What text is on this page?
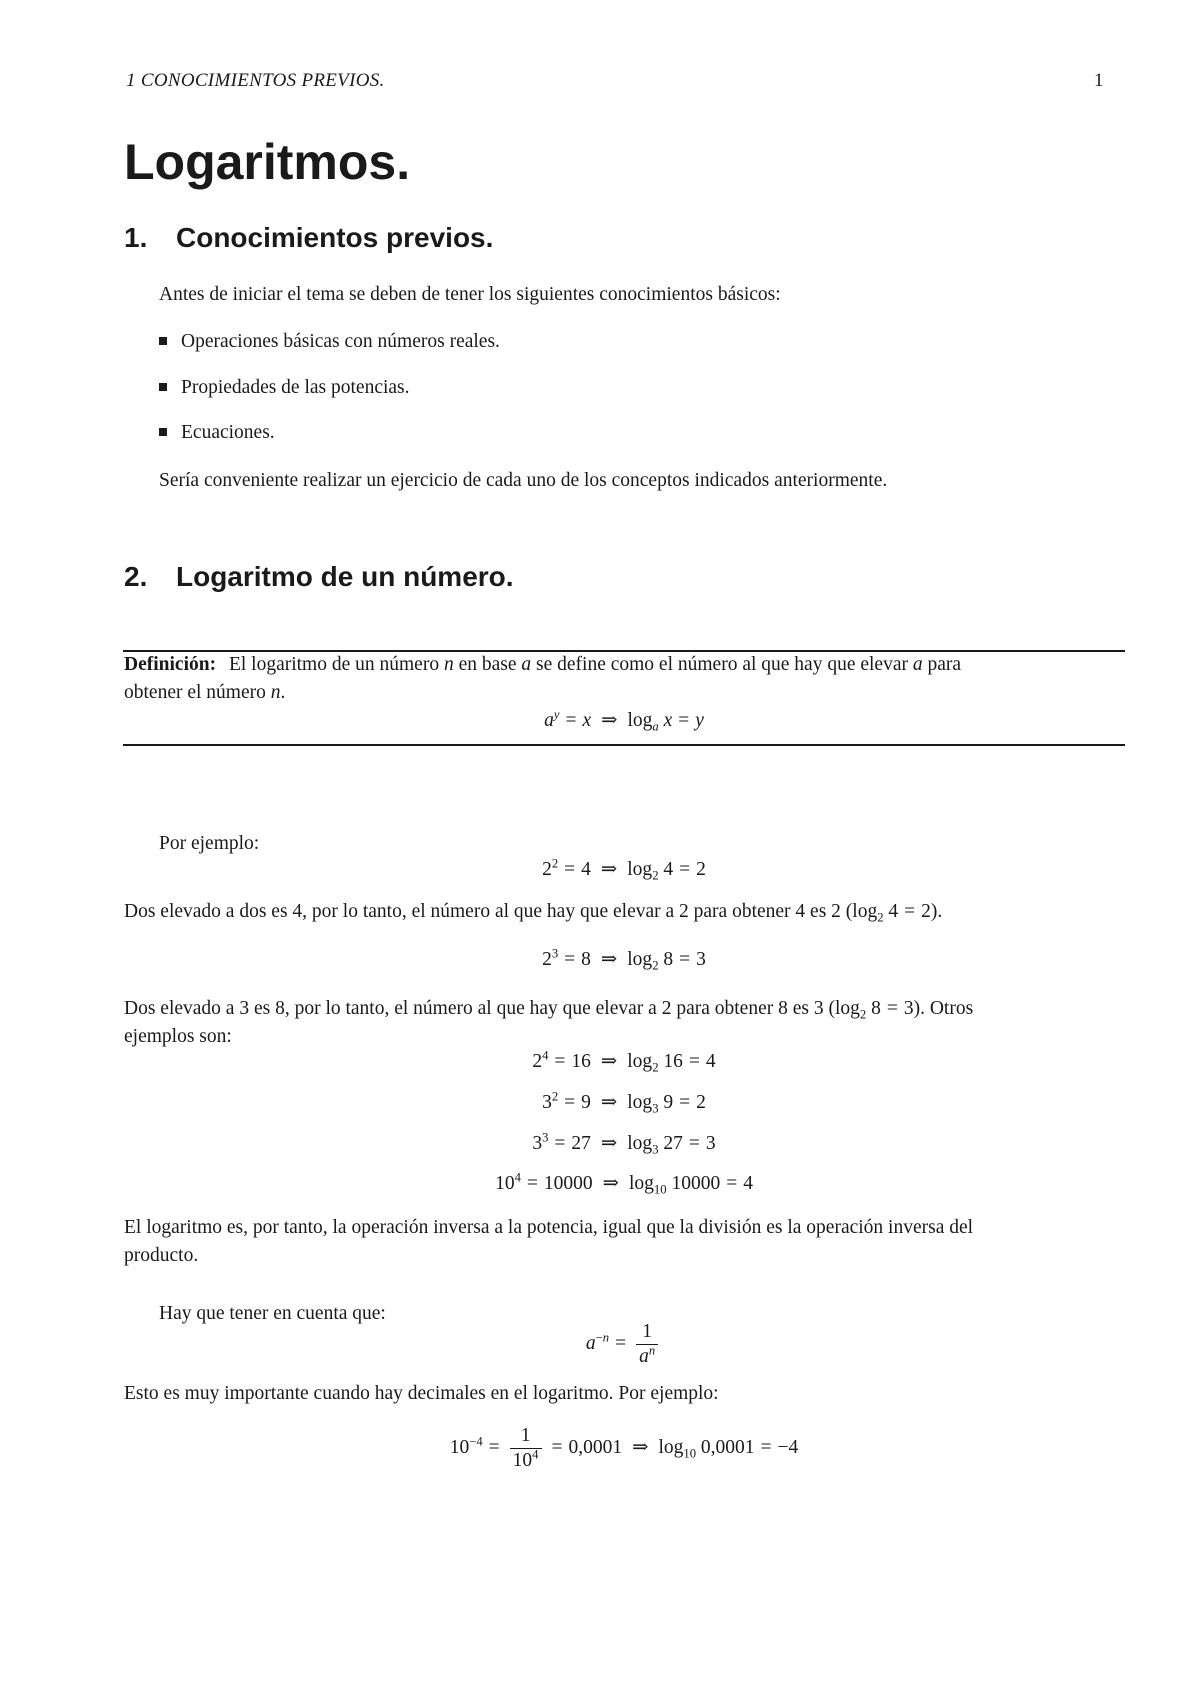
1 CONOCIMIENTOS PREVIOS.	1
Logaritmos.
1. Conocimientos previos.
Antes de iniciar el tema se deben de tener los siguientes conocimientos básicos:
Operaciones básicas con números reales.
Propiedades de las potencias.
Ecuaciones.
Sería conveniente realizar un ejercicio de cada uno de los conceptos indicados anteriormente.
2. Logaritmo de un número.
Definición: El logaritmo de un número n en base a se define como el número al que hay que elevar a para
obtener el número n.
$a^y = x$ ⇒ $\log_a x = y$
Por ejemplo:
$2^2 = 4$ ⇒ $\log_2 4 = 2$
Dos elevado a dos es 4, por lo tanto, el número al que hay que elevar a 2 para obtener 4 es 2 ($\log_2$ 4 = 2).
$2^3 = 8$ ⇒ $\log_2 8 = 3$
Dos elevado a 3 es 8, por lo tanto, el número al que hay que elevar a 2 para obtener 8 es 3 ($\log_2$ 8 = 3). Otros
ejemplos son:
$2^4 = 16$ ⇒ $\log_2 16 = 4$
$3^2 = 9$ ⇒ $\log_3 9 = 2$
$3^3 = 27$ ⇒ $\log_3 27 = 3$
$10^4 = 10000$ ⇒ $\log_{10} 10000 = 4$
El logaritmo es, por tanto, la operación inversa a la potencia, igual que la división es la operación inversa del
producto.
Hay que tener en cuenta que:
$a^{-n} = \frac{1}{a^n}$
Esto es muy importante cuando hay decimales en el logaritmo. Por ejemplo:
$10^{-4} = \frac{1}{10^4} = 0,0001$ ⇒ $\log_{10} 0,0001 = -4$
